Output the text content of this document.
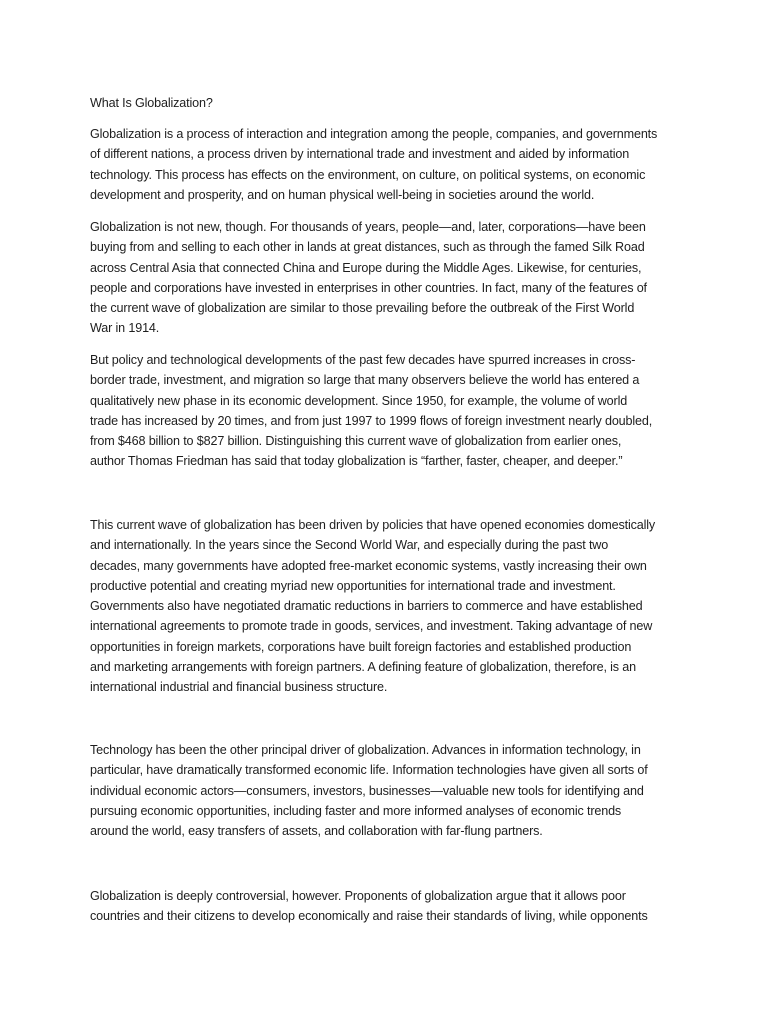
What Is Globalization?
Globalization is a process of interaction and integration among the people, companies, and governments
of different nations, a process driven by international trade and investment and aided by information
technology. This process has effects on the environment, on culture, on political systems, on economic
development and prosperity, and on human physical well-being in societies around the world.
Globalization is not new, though. For thousands of years, people—and, later, corporations—have been
buying from and selling to each other in lands at great distances, such as through the famed Silk Road
across Central Asia that connected China and Europe during the Middle Ages. Likewise, for centuries,
people and corporations have invested in enterprises in other countries. In fact, many of the features of
the current wave of globalization are similar to those prevailing before the outbreak of the First World
War in 1914.
But policy and technological developments of the past few decades have spurred increases in cross-
border trade, investment, and migration so large that many observers believe the world has entered a
qualitatively new phase in its economic development. Since 1950, for example, the volume of world
trade has increased by 20 times, and from just 1997 to 1999 flows of foreign investment nearly doubled,
from $468 billion to $827 billion. Distinguishing this current wave of globalization from earlier ones,
author Thomas Friedman has said that today globalization is “farther, faster, cheaper, and deeper.”
This current wave of globalization has been driven by policies that have opened economies domestically
and internationally. In the years since the Second World War, and especially during the past two
decades, many governments have adopted free-market economic systems, vastly increasing their own
productive potential and creating myriad new opportunities for international trade and investment.
Governments also have negotiated dramatic reductions in barriers to commerce and have established
international agreements to promote trade in goods, services, and investment. Taking advantage of new
opportunities in foreign markets, corporations have built foreign factories and established production
and marketing arrangements with foreign partners. A defining feature of globalization, therefore, is an
international industrial and financial business structure.
Technology has been the other principal driver of globalization. Advances in information technology, in
particular, have dramatically transformed economic life. Information technologies have given all sorts of
individual economic actors—consumers, investors, businesses—valuable new tools for identifying and
pursuing economic opportunities, including faster and more informed analyses of economic trends
around the world, easy transfers of assets, and collaboration with far-flung partners.
Globalization is deeply controversial, however. Proponents of globalization argue that it allows poor
countries and their citizens to develop economically and raise their standards of living, while opponents
